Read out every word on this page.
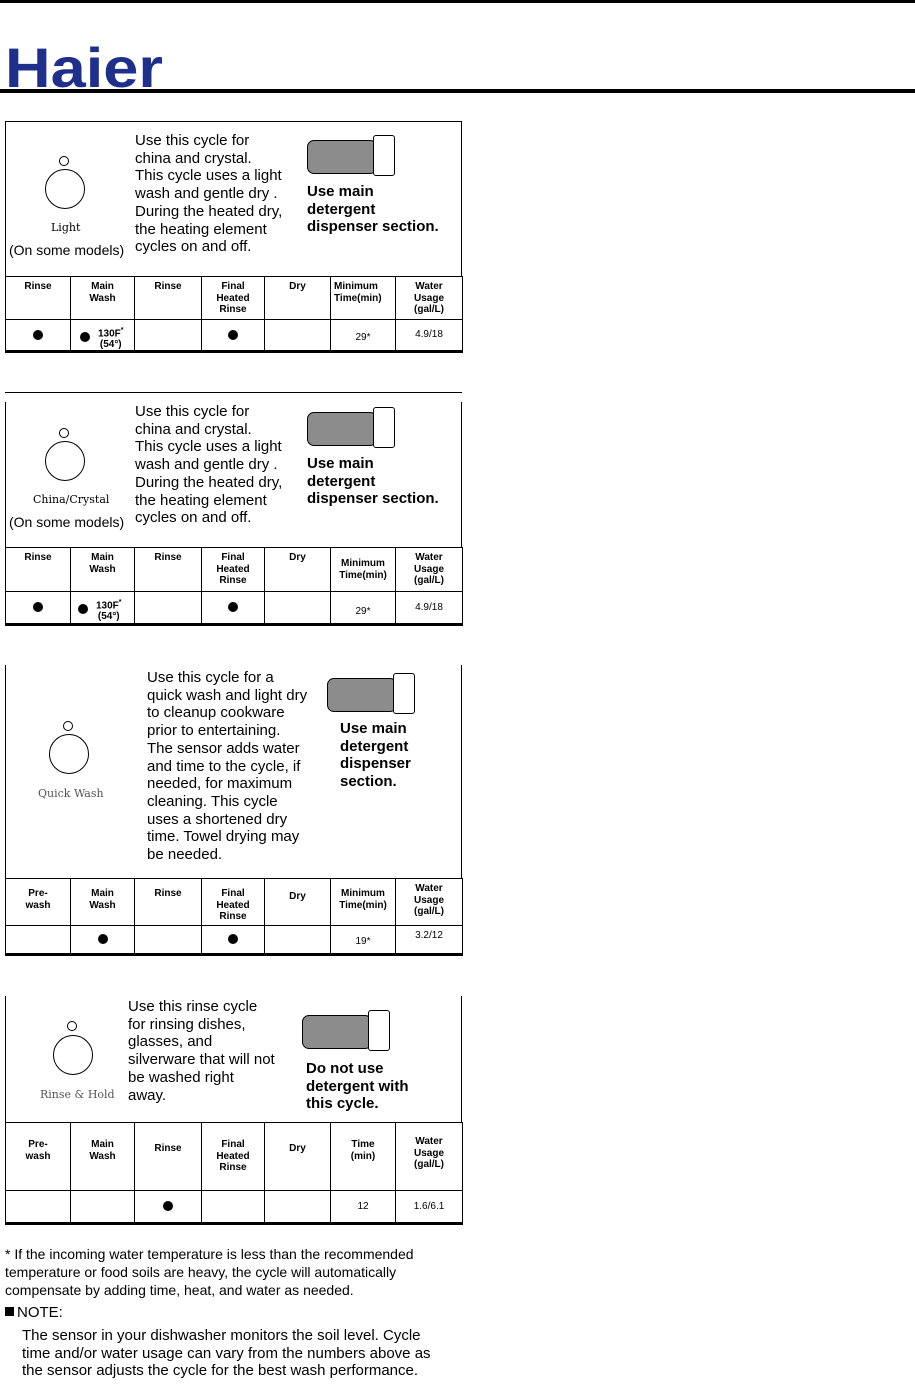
Haier
Light
(On some models)
Use this cycle for
china and crystal.
This cycle uses a light
wash and gentle dry .
During the heated dry,
the heating element
cycles on and off.
Use main
detergent
dispenser section.
Rinse	Main
Wash	Rinse	Final
Heated
Rinse	Dry	Minimum
Time(min)	Water
Usage
(gal/L)

	130F*
(54°)				29*	4.9/18
China/Crystal
(On some models)
Use this cycle for
china and crystal.
This cycle uses a light
wash and gentle dry .
During the heated dry,
the heating element
cycles on and off.
Use main
detergent
dispenser section.
Rinse	Main
Wash	Rinse	Final
Heated
Rinse	Dry	Minimum
Time(min)	Water
Usage
(gal/L)

	130F*
(54°)				29*	4.9/18
Quick Wash
Use this cycle for a
quick wash and light dry
to cleanup cookware
prior to entertaining.
The sensor adds water
and time to the cycle, if
needed, for maximum
cleaning. This cycle
uses a shortened dry
time. Towel drying may
be needed.
Use main
detergent
dispenser
section.
Pre-
wash	Main
Wash	Rinse	Final
Heated
Rinse	Dry	Minimum
Time(min)	Water
Usage
(gal/L)
					19*	3.2/12
Rinse & Hold
Use this rinse cycle
for rinsing dishes,
glasses, and
silverware that will not
be washed right
away.
Do not use
detergent with
this cycle.
Pre-
wash	Main
Wash	Rinse	Final
Heated
Rinse	Dry	Time
(min)	Water
Usage
(gal/L)
					12	1.6/6.1
* If the incoming water temperature is less than the recommended
temperature or food soils are heavy, the cycle will automatically
compensate by adding time, heat, and water as needed.
NOTE:
The sensor in your dishwasher monitors the soil level. Cycle
time and/or water usage can vary from the numbers above as
the sensor adjusts the cycle for the best wash performance.
